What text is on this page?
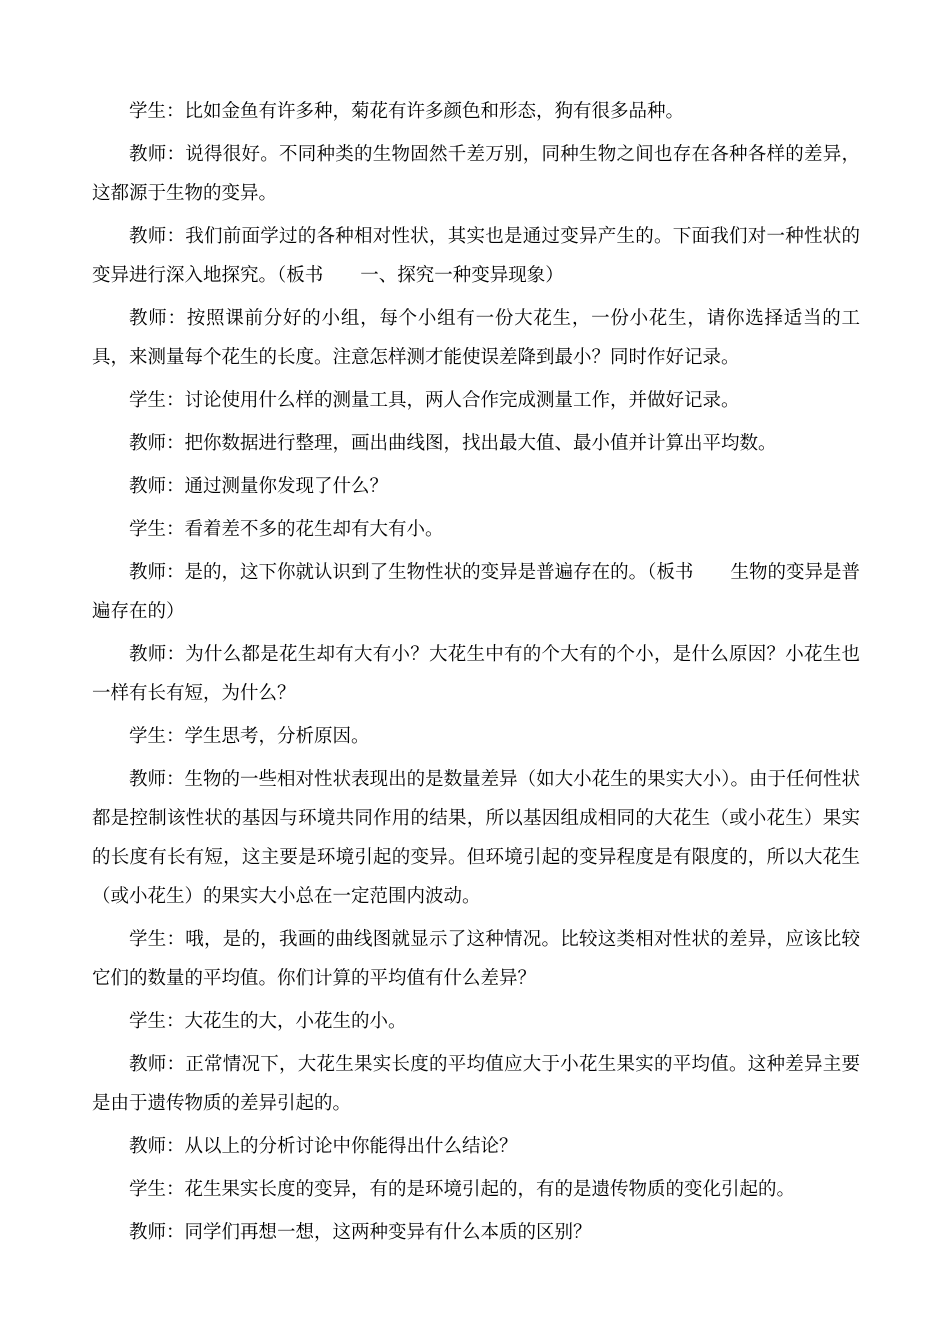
学生：比如金鱼有许多种，菊花有许多颜色和形态，狗有很多品种。

教师：说得很好。不同种类的生物固然千差万别，同种生物之间也存在各种各样的差异，这都源于生物的变异。

教师：我们前面学过的各种相对性状，其实也是通过变异产生的。下面我们对一种性状的变异进行深入地探究。（板书　　一、探究一种变异现象）

教师：按照课前分好的小组，每个小组有一份大花生，一份小花生，请你选择适当的工具，来测量每个花生的长度。注意怎样测才能使误差降到最小？同时作好记录。

学生：讨论使用什么样的测量工具，两人合作完成测量工作，并做好记录。

教师：把你数据进行整理，画出曲线图，找出最大值、最小值并计算出平均数。

教师：通过测量你发现了什么？

学生：看着差不多的花生却有大有小。

教师：是的，这下你就认识到了生物性状的变异是普遍存在的。（板书　　生物的变异是普遍存在的）

教师：为什么都是花生却有大有小？大花生中有的个大有的个小，是什么原因？小花生也一样有长有短，为什么？

学生：学生思考，分析原因。

教师：生物的一些相对性状表现出的是数量差异（如大小花生的果实大小）。由于任何性状都是控制该性状的基因与环境共同作用的结果，所以基因组成相同的大花生（或小花生）果实的长度有长有短，这主要是环境引起的变异。但环境引起的变异程度是有限度的，所以大花生（或小花生）的果实大小总在一定范围内波动。

学生：哦，是的，我画的曲线图就显示了这种情况。比较这类相对性状的差异，应该比较它们的数量的平均值。你们计算的平均值有什么差异？

学生：大花生的大，小花生的小。

教师：正常情况下，大花生果实长度的平均值应大于小花生果实的平均值。这种差异主要是由于遗传物质的差异引起的。

教师：从以上的分析讨论中你能得出什么结论？

学生：花生果实长度的变异，有的是环境引起的，有的是遗传物质的变化引起的。

教师：同学们再想一想，这两种变异有什么本质的区别？
